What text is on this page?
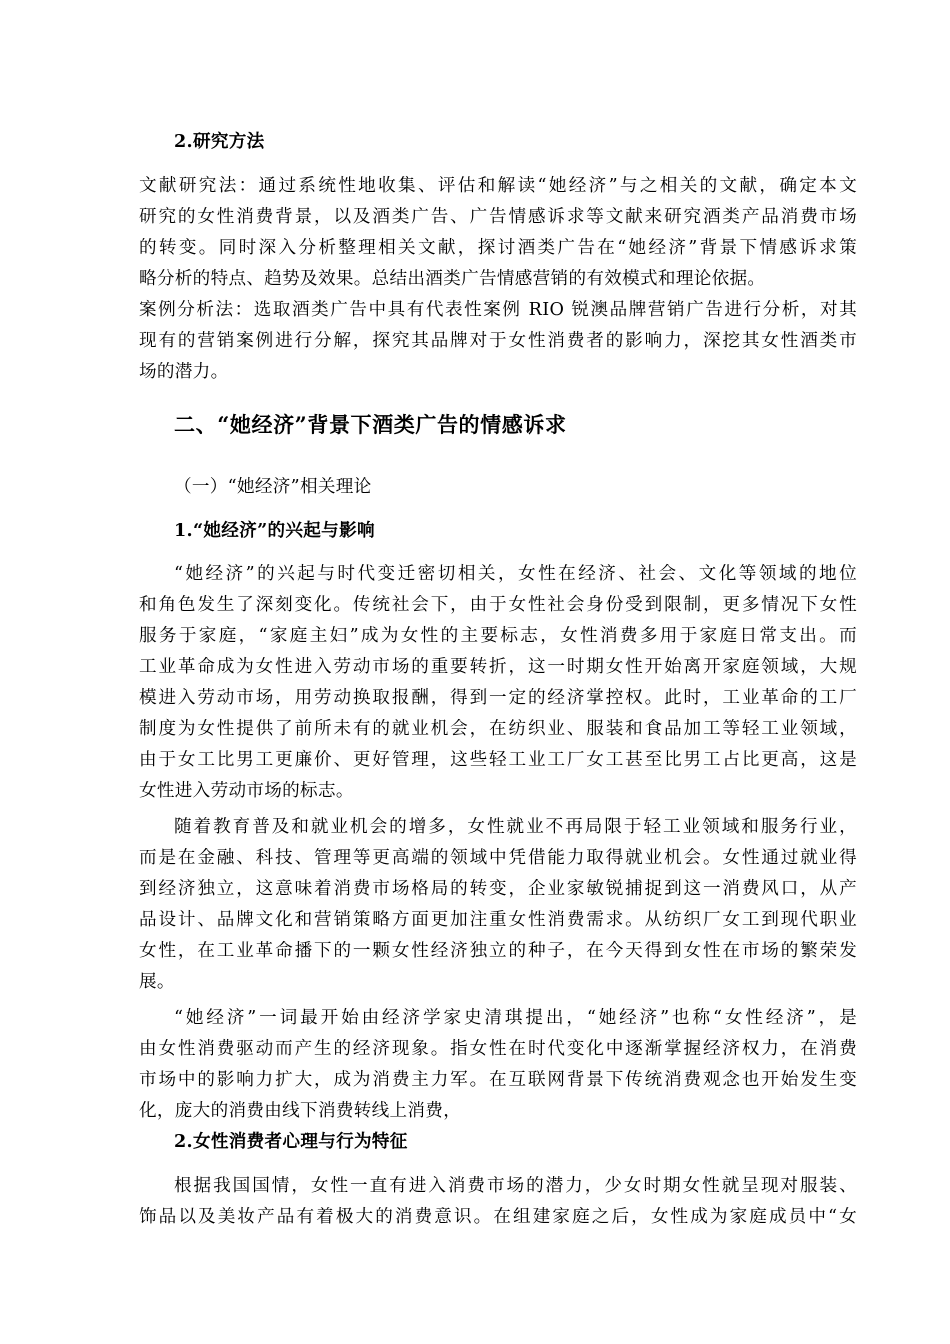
2.研究方法
文献研究法：通过系统性地收集、评估和解读“她经济”与之相关的文献，确定本文
研究的女性消费背景，以及酒类广告、广告情感诉求等文献来研究酒类产品消费市场
的转变。同时深入分析整理相关文献，探讨酒类广告在“她经济”背景下情感诉求策
略分析的特点、趋势及效果。总结出酒类广告情感营销的有效模式和理论依据。
案例分析法：选取酒类广告中具有代表性案例 RIO 锐澳品牌营销广告进行分析，对其
现有的营销案例进行分解，探究其品牌对于女性消费者的影响力，深挖其女性酒类市
场的潜力。
二、“她经济”背景下酒类广告的情感诉求
（一）“她经济”相关理论
1.“她经济”的兴起与影响
“她经济”的兴起与时代变迁密切相关，女性在经济、社会、文化等领域的地位
和角色发生了深刻变化。传统社会下，由于女性社会身份受到限制，更多情况下女性
服务于家庭，“家庭主妇”成为女性的主要标志，女性消费多用于家庭日常支出。而
工业革命成为女性进入劳动市场的重要转折，这一时期女性开始离开家庭领域，大规
模进入劳动市场，用劳动换取报酬，得到一定的经济掌控权。此时，工业革命的工厂
制度为女性提供了前所未有的就业机会，在纺织业、服装和食品加工等轻工业领域，
由于女工比男工更廉价、更好管理，这些轻工业工厂女工甚至比男工占比更高，这是
女性进入劳动市场的标志。
随着教育普及和就业机会的增多，女性就业不再局限于轻工业领域和服务行业，
而是在金融、科技、管理等更高端的领域中凭借能力取得就业机会。女性通过就业得
到经济独立，这意味着消费市场格局的转变，企业家敏锐捕捉到这一消费风口，从产
品设计、品牌文化和营销策略方面更加注重女性消费需求。从纺织厂女工到现代职业
女性，在工业革命播下的一颗女性经济独立的种子，在今天得到女性在市场的繁荣发
展。
“她经济”一词最开始由经济学家史清琪提出，“她经济”也称“女性经济”，是
由女性消费驱动而产生的经济现象。指女性在时代变化中逐渐掌握经济权力，在消费
市场中的影响力扩大，成为消费主力军。在互联网背景下传统消费观念也开始发生变
化，庞大的消费由线下消费转线上消费，
2.女性消费者心理与行为特征
根据我国国情，女性一直有进入消费市场的潜力，少女时期女性就呈现对服装、
饰品以及美妆产品有着极大的消费意识。在组建家庭之后，女性成为家庭成员中“女
